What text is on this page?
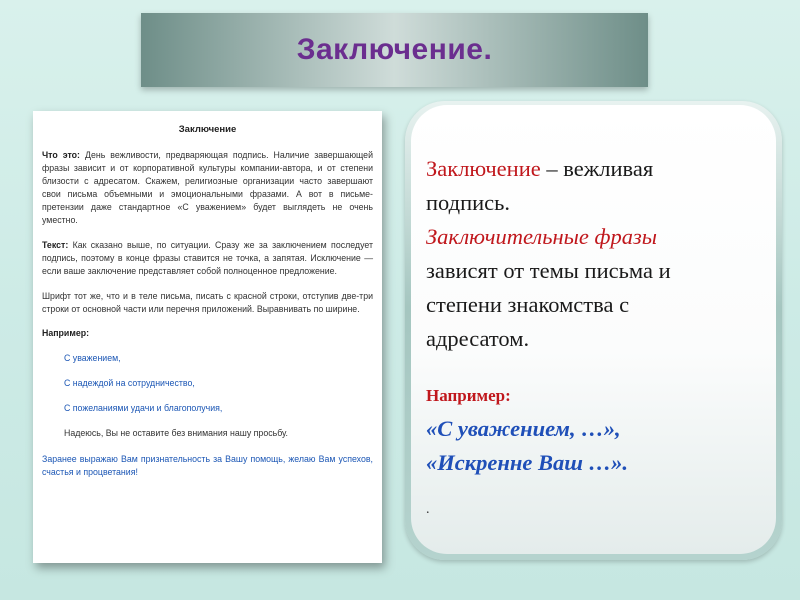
Заключение.
Заключение

Что это: День вежливости, предваряющая подпись. Наличие завершающей фразы зависит и от корпоративной культуры компании-автора, и от степени близости с адресатом. Скажем, религиозные организации часто завершают свои письма объемными и эмоциональными фразами. А вот в письме-претензии даже стандартное «С уважением» будет выглядеть не очень уместно.

Текст: Как сказано выше, по ситуации. Сразу же за заключением последует подпись, поэтому в конце фразы ставится не точка, а запятая. Исключение — если ваше заключение представляет собой полноценное предложение.

Шрифт тот же, что и в теле письма, писать с красной строки, отступив две-три строки от основной части или перечня приложений. Выравнивать по ширине.

Например:
С уважением,
С надеждой на сотрудничество,
С пожеланиями удачи и благополучия,
Надеюсь, Вы не оставите без внимания нашу просьбу.

Заранее выражаю Вам признательность за Вашу помощь, желаю Вам успехов, счастья и процветания!

Заключение – вежливая

подпись.

Заключительные фразы

зависят от темы письма и

степени знакомства с

адресатом.

Например:

«С уважением, …»,

«Искренне Ваш …».

.
